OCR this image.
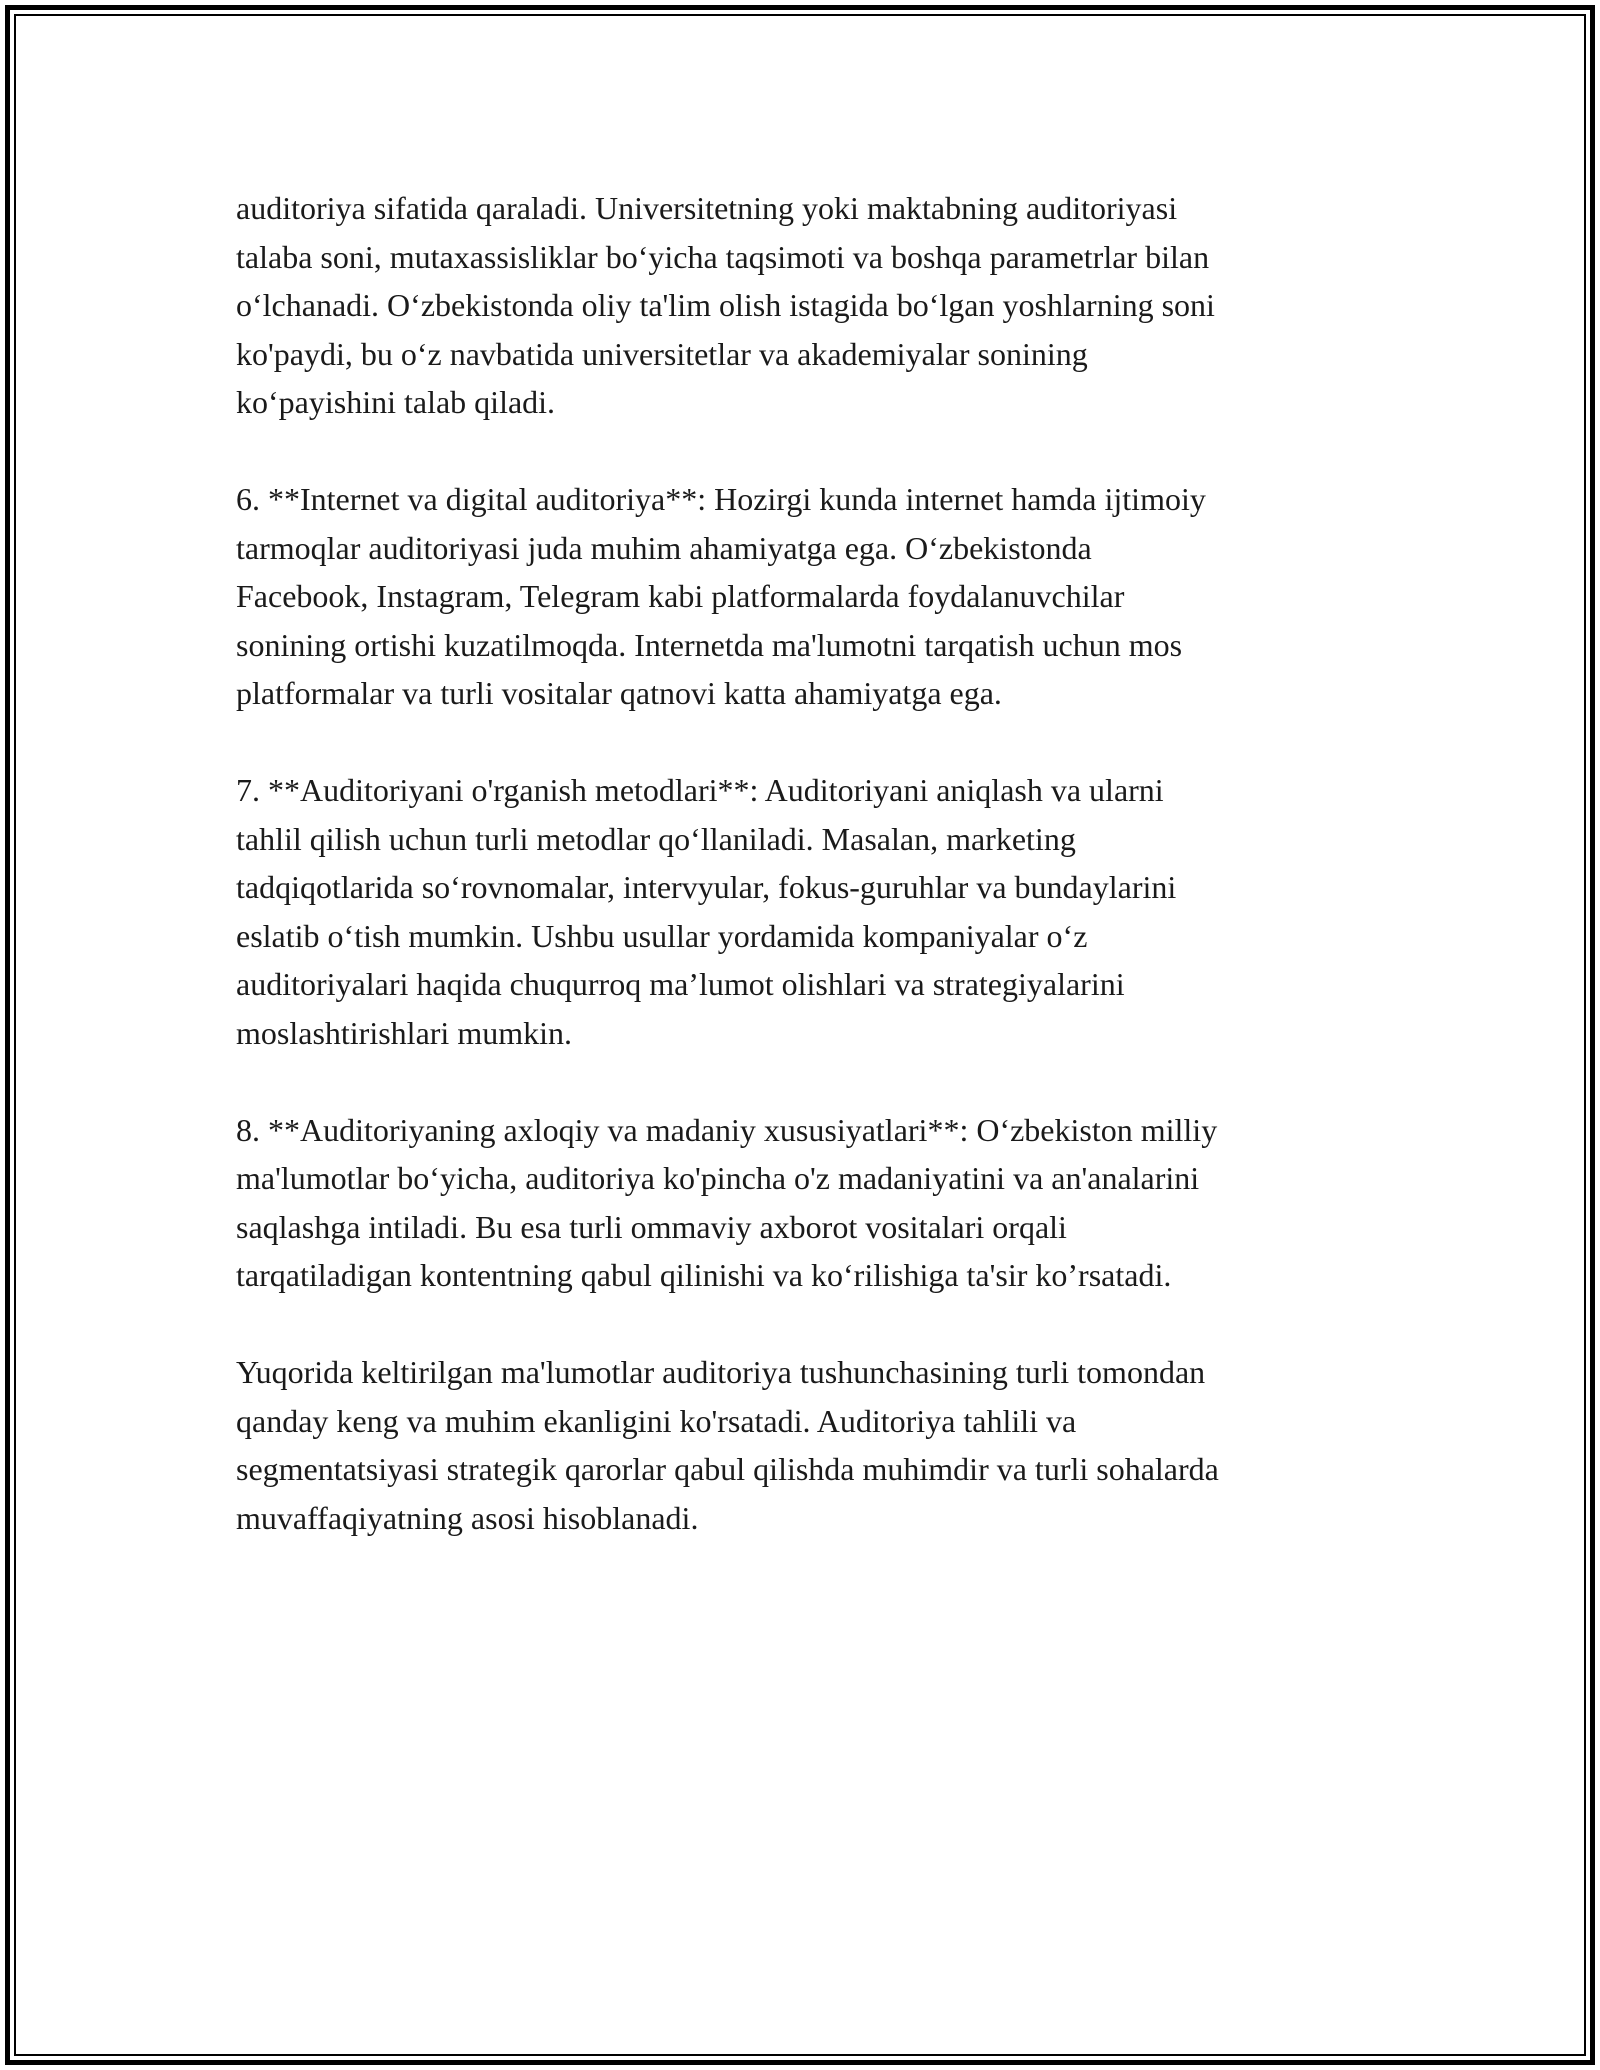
auditoriya sifatida qaraladi. Universitetning yoki maktabning auditoriyasi
talaba soni, mutaxassisliklar bo‘yicha taqsimoti va boshqa parametrlar bilan
o‘lchanadi. O‘zbekistonda oliy ta'lim olish istagida bo‘lgan yoshlarning soni
ko'paydi, bu o‘z navbatida universitetlar va akademiyalar sonining
ko‘payishini talab qiladi.

6. **Internet va digital auditoriya**: Hozirgi kunda internet hamda ijtimoiy
tarmoqlar auditoriyasi juda muhim ahamiyatga ega. O‘zbekistonda
Facebook, Instagram, Telegram kabi platformalarda foydalanuvchilar
sonining ortishi kuzatilmoqda. Internetda ma'lumotni tarqatish uchun mos
platformalar va turli vositalar qatnovi katta ahamiyatga ega.

7. **Auditoriyani o'rganish metodlari**: Auditoriyani aniqlash va ularni
tahlil qilish uchun turli metodlar qo‘llaniladi. Masalan, marketing
tadqiqotlarida so‘rovnomalar, intervyular, fokus-guruhlar va bundaylarini
eslatib o‘tish mumkin. Ushbu usullar yordamida kompaniyalar o‘z
auditoriyalari haqida chuqurroq ma’lumot olishlari va strategiyalarini
moslashtirishlari mumkin.

8. **Auditoriyaning axloqiy va madaniy xususiyatlari**: O‘zbekiston milliy
ma'lumotlar bo‘yicha, auditoriya ko'pincha o'z madaniyatini va an'analarini
saqlashga intiladi. Bu esa turli ommaviy axborot vositalari orqali
tarqatiladigan kontentning qabul qilinishi va ko‘rilishiga ta'sir ko’rsatadi.

Yuqorida keltirilgan ma'lumotlar auditoriya tushunchasining turli tomondan
qanday keng va muhim ekanligini ko'rsatadi. Auditoriya tahlili va
segmentatsiyasi strategik qarorlar qabul qilishda muhimdir va turli sohalarda
muvaffaqiyatning asosi hisoblanadi.
